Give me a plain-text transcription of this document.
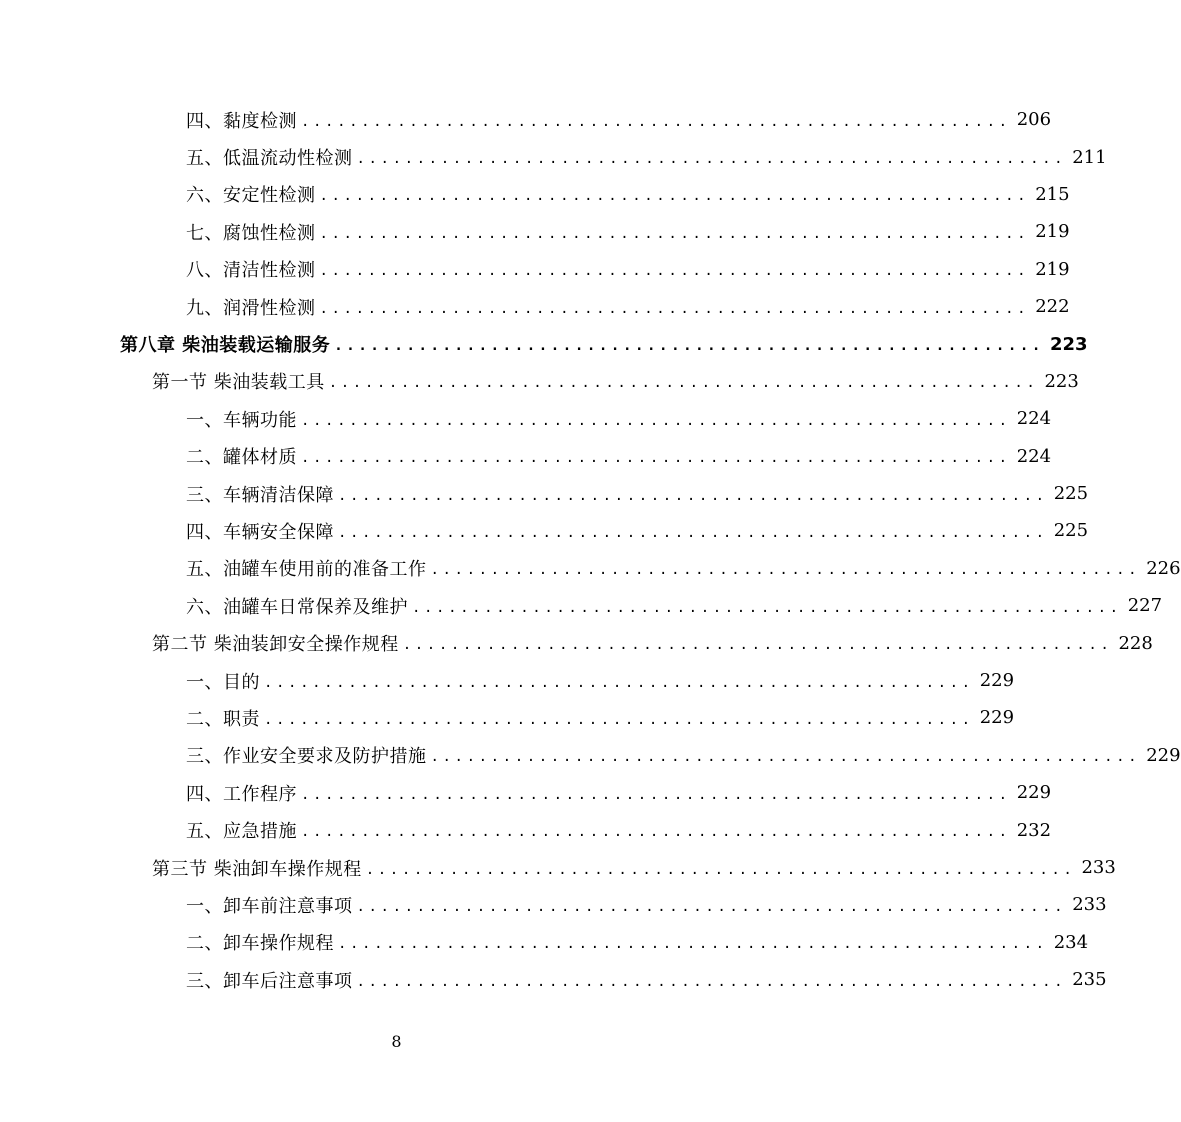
四、黏度检测 ........................................................... 206
五、低温流动性检测 ........................................................... 211
六、安定性检测 ........................................................... 215
七、腐蚀性检测 ........................................................... 219
八、清洁性检测 ........................................................... 219
九、润滑性检测 ........................................................... 222
第八章 柴油装载运输服务 ........................................................... 223
第一节 柴油装载工具 ........................................................... 223
一、车辆功能 ........................................................... 224
二、罐体材质 ........................................................... 224
三、车辆清洁保障 ........................................................... 225
四、车辆安全保障 ........................................................... 225
五、油罐车使用前的准备工作 ........................................................... 226
六、油罐车日常保养及维护 ........................................................... 227
第二节 柴油装卸安全操作规程 ........................................................... 228
一、目的 ........................................................... 229
二、职责 ........................................................... 229
三、作业安全要求及防护措施 ........................................................... 229
四、工作程序 ........................................................... 229
五、应急措施 ........................................................... 232
第三节 柴油卸车操作规程 ........................................................... 233
一、卸车前注意事项 ........................................................... 233
二、卸车操作规程 ........................................................... 234
三、卸车后注意事项 ........................................................... 235
8
